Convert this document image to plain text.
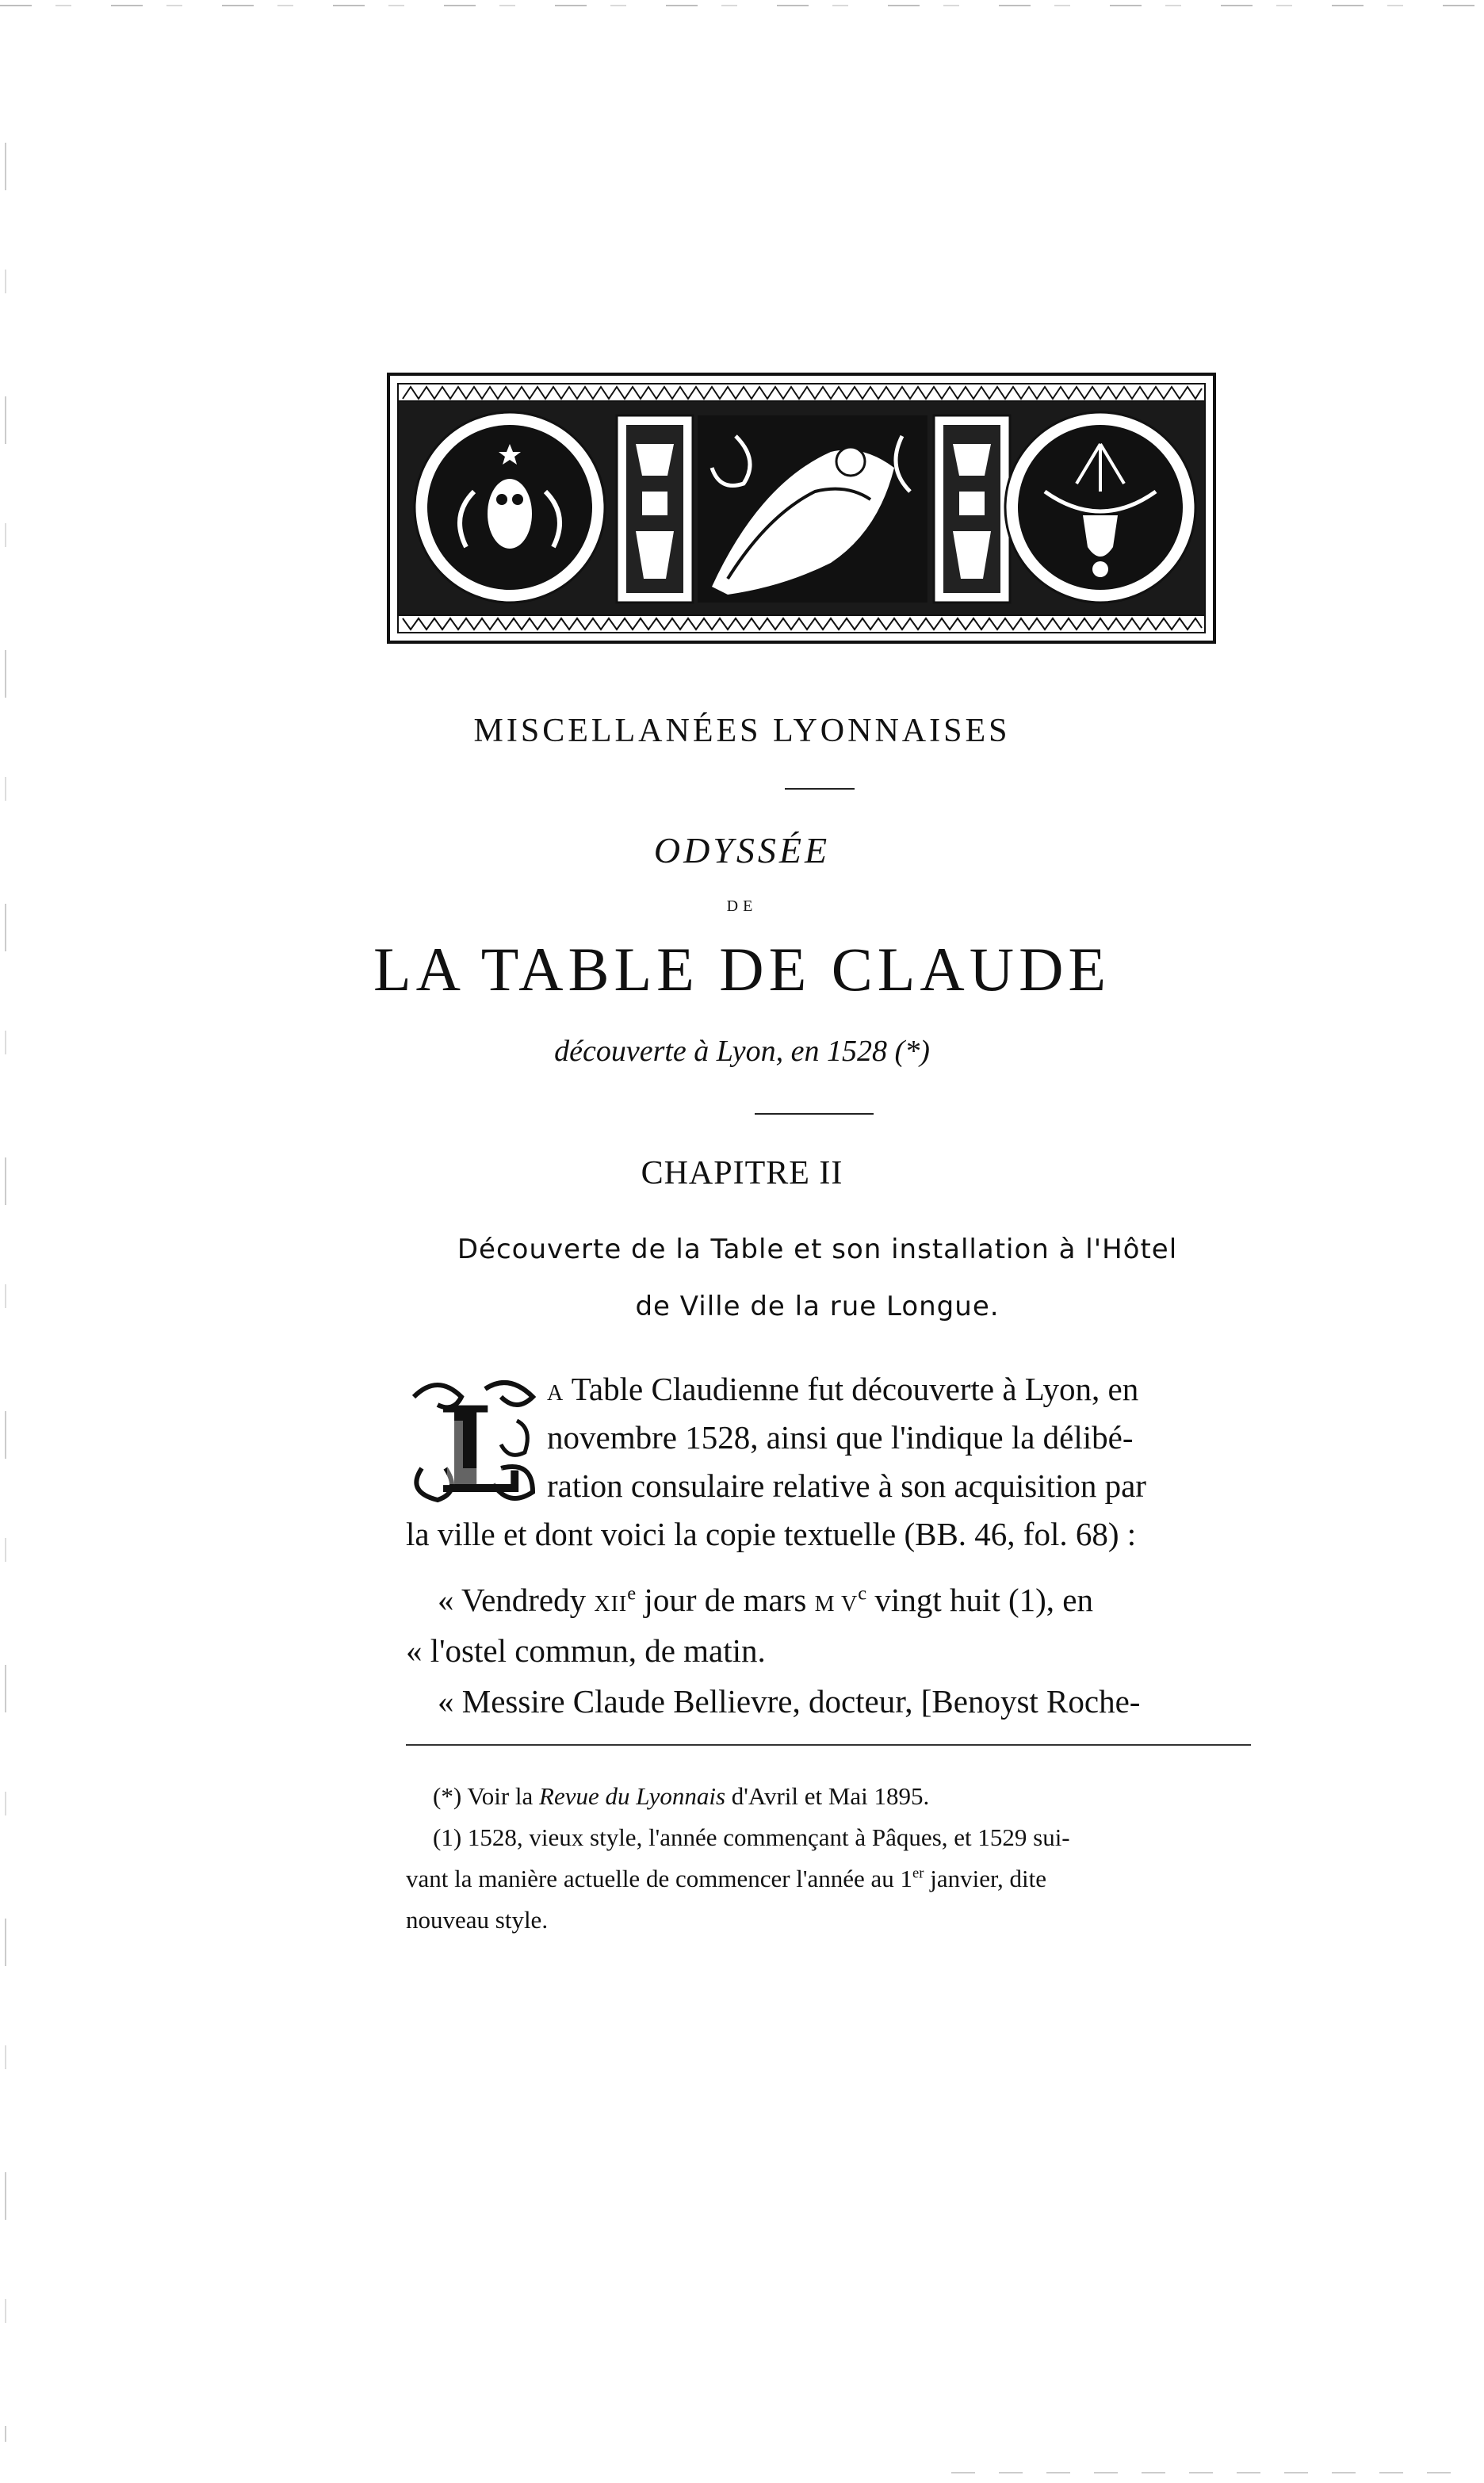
MISCELLANÉES LYONNAISES
ODYSSÉE
DE
LA TABLE DE CLAUDE
découverte à Lyon, en 1528 (*)
CHAPITRE II
Découverte de la Table et son installation à l'Hôtel
de Ville de la rue Longue.
L	A Table Claudienne fut découverte à Lyon, en
novembre 1528, ainsi que l'indique la délibé-
ration consulaire relative à son acquisition par
la ville et dont voici la copie textuelle (BB. 46, fol. 68) :
« Vendredy XIIe jour de mars M $V^c$ vingt huit (1), en
« l'ostel commun, de matin.
« Messire Claude Bellievre, docteur, [Benoyst Roche-
(*) Voir la Revue du Lyonnais d'Avril et Mai 1895.
(1) 1528, vieux style, l'année commençant à Pâques, et 1529 sui-
vant la manière actuelle de commencer l'année au 1er janvier, dite
nouveau style.
